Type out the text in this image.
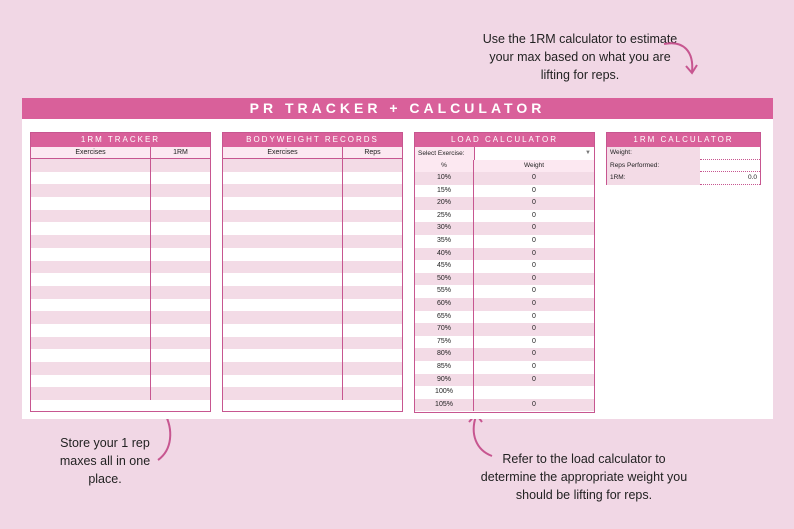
Use the 1RM calculator to estimate your max based on what you are lifting for reps.
Store your 1 rep maxes all in one place.
Refer to the load calculator to determine the appropriate weight you should be lifting for reps.
PR TRACKER + CALCULATOR
1RM TRACKER
Exercises	1RM
BODYWEIGHT RECORDS
Exercises	Reps
LOAD CALCULATOR
Select Exercise:	▼
%	Weight
10%	0
15%	0
20%	0
25%	0
30%	0
35%	0
40%	0
45%	0
50%	0
55%	0
60%	0
65%	0
70%	0
75%	0
80%	0
85%	0
90%	0
100%
105%	0
1RM CALCULATOR
Weight:
Reps Performed:
1RM:	0.0
